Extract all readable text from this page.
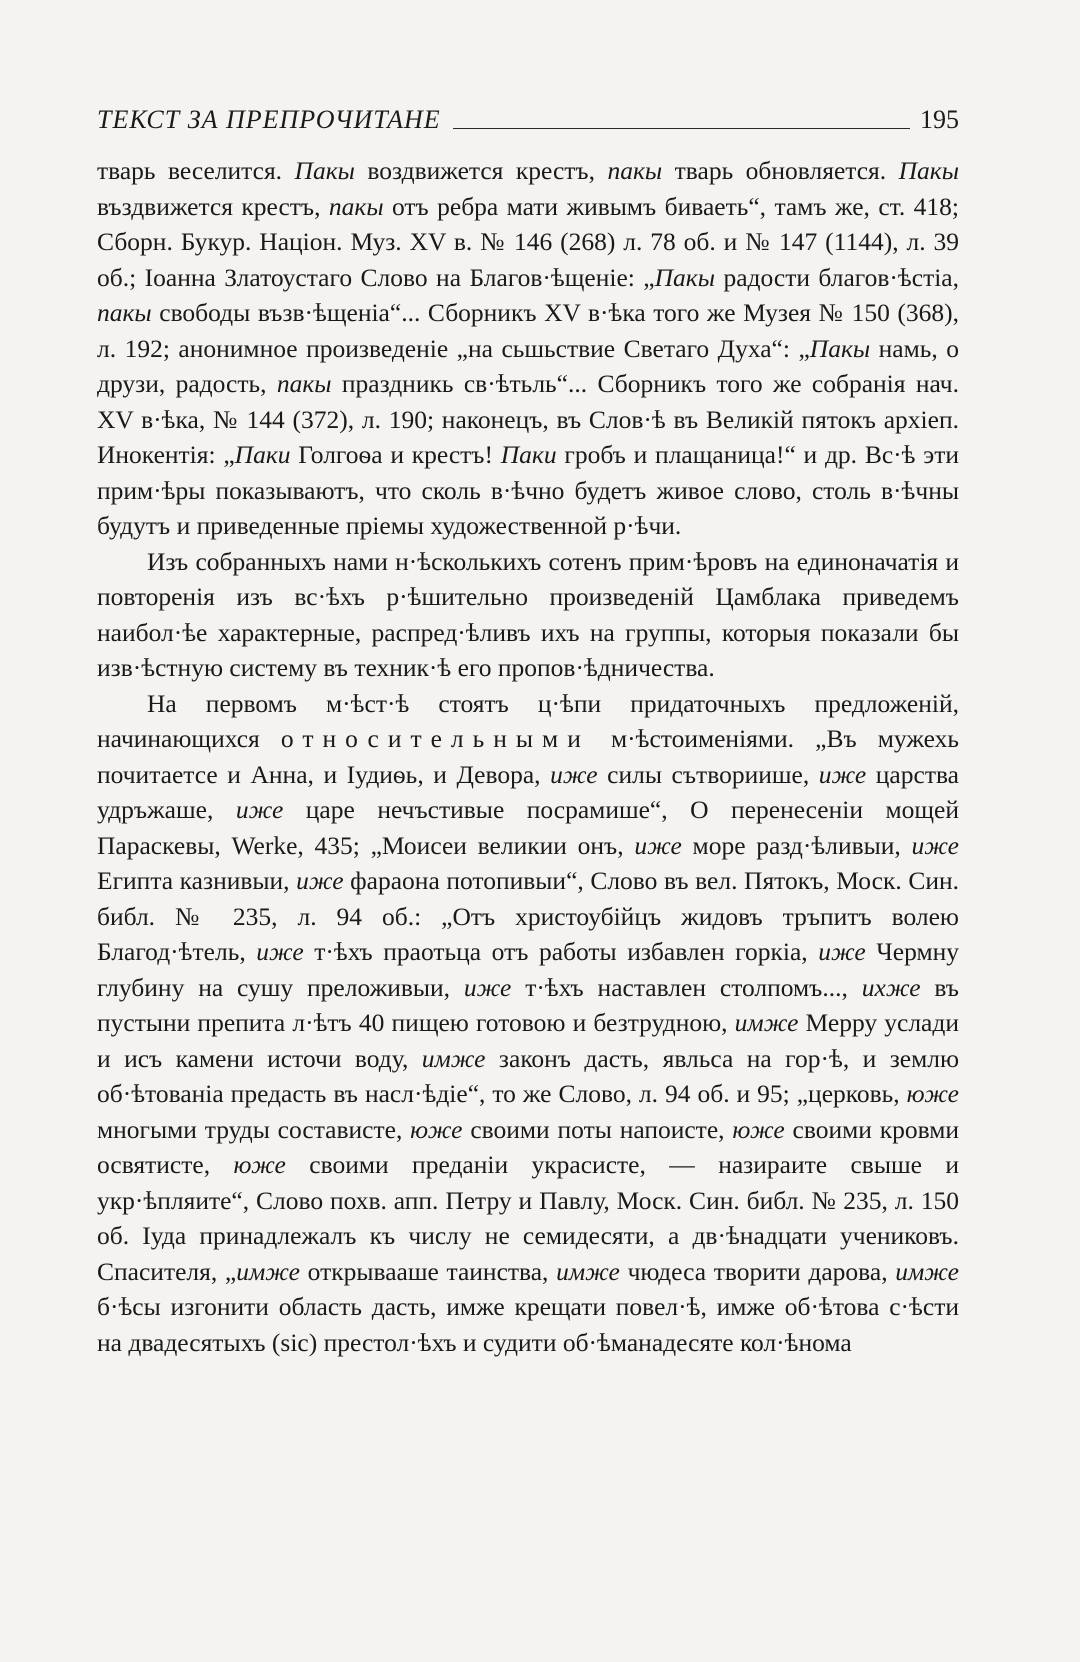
ТЕКСТ ЗА ПРЕПРОЧИТАНЕ	195

тварь веселится. Пакы воздвижется крестъ, пакы тварь обновляется. Пакы въздвижется крестъ, пакы отъ ребра мати живымъ биваеть“, тамъ же, ст. 418; Сборн. Букур. Націон. Муз. XV в. № 146 (268) л. 78 об. и № 147 (1144), л. 39 об.; Іоанна Златоустаго Слово на Благов·ѣщеніе: „Пакы радости благов·ѣстіа, пакы свободы възв·ѣщеніа“... Сборникъ XV в·ѣка того же Музея № 150 (368), л. 192; анонимное произведеніе „на сьшьствие Светаго Духа“: „Пакы намь, о друзи, радость, пакы праздникь св·ѣтьль“... Сборникъ того же собранія нач. XV в·ѣка, № 144 (372), л. 190; наконецъ, въ Слов·ѣ въ Великій пятокъ архіеп. Инокентія: „Паки Голгоѳа и крестъ! Паки гробъ и плащаница!“ и др. Вс·ѣ эти прим·ѣры показываютъ, что сколь в·ѣчно будетъ живое слово, столь в·ѣчны будутъ и приведенные пріемы художественной р·ѣчи.

Изъ собранныхъ нами н·ѣсколькихъ сотенъ прим·ѣровъ на единоначатія и повторенія изъ вс·ѣхъ р·ѣшительно произведеній Цамблака приведемъ наибол·ѣе характерные, распред·ѣливъ ихъ на группы, которыя показали бы изв·ѣстную систему въ техник·ѣ его пропов·ѣдничества.

На первомъ м·ѣст·ѣ стоятъ ц·ѣпи придаточныхъ предложеній, начинающихся относительными м·ѣстоименіями. „Въ мужехь почитаетсе и Анна, и Іудиѳь, и Девора, иже силы сътвориише, иже царства удръжаше, иже царе нечъстивые посрамише“, О перенесеніи мощей Параскевы, Werke, 435; „Моисеи великии онъ, иже море разд·ѣливыи, иже Египта казнивыи, иже фараона потопивыи“, Слово въ вел. Пятокъ, Моск. Син. библ. № 235, л. 94 об.: „Отъ христоубійцъ жидовъ тръпитъ волею Благод·ѣтель, иже т·ѣхъ праотьца отъ работы избавлен горкіа, иже Чермну глубину на сушу преложивыи, иже т·ѣхъ наставлен столпомъ..., ихже въ пустыни препита л·ѣтъ 40 пищею готовою и безтрудною, имже Мерру услади и исъ камени источи воду, имже законъ дасть, явльса на гор·ѣ, и землю об·ѣтованіа предасть въ насл·ѣдіе“, то же Слово, л. 94 об. и 95; „церковь, юже многыми труды состависте, юже своими поты напоисте, юже своими кровми освятисте, юже своими преданіи украсисте, — назираите свыше и укр·ѣпляите“, Слово похв. апп. Петру и Павлу, Моск. Син. библ. № 235, л. 150 об. Іуда принадлежалъ къ числу не семидесяти, а дв·ѣнадцати учениковъ. Спасителя, „имже открывааше таинства, имже чюдеса творити дарова, имже б·ѣсы изгонити область дасть, имже крещати повел·ѣ, имже об·ѣтова с·ѣсти на двадесятыхъ (sic) престол·ѣхъ и судити об·ѣманадесяте кол·ѣнома
